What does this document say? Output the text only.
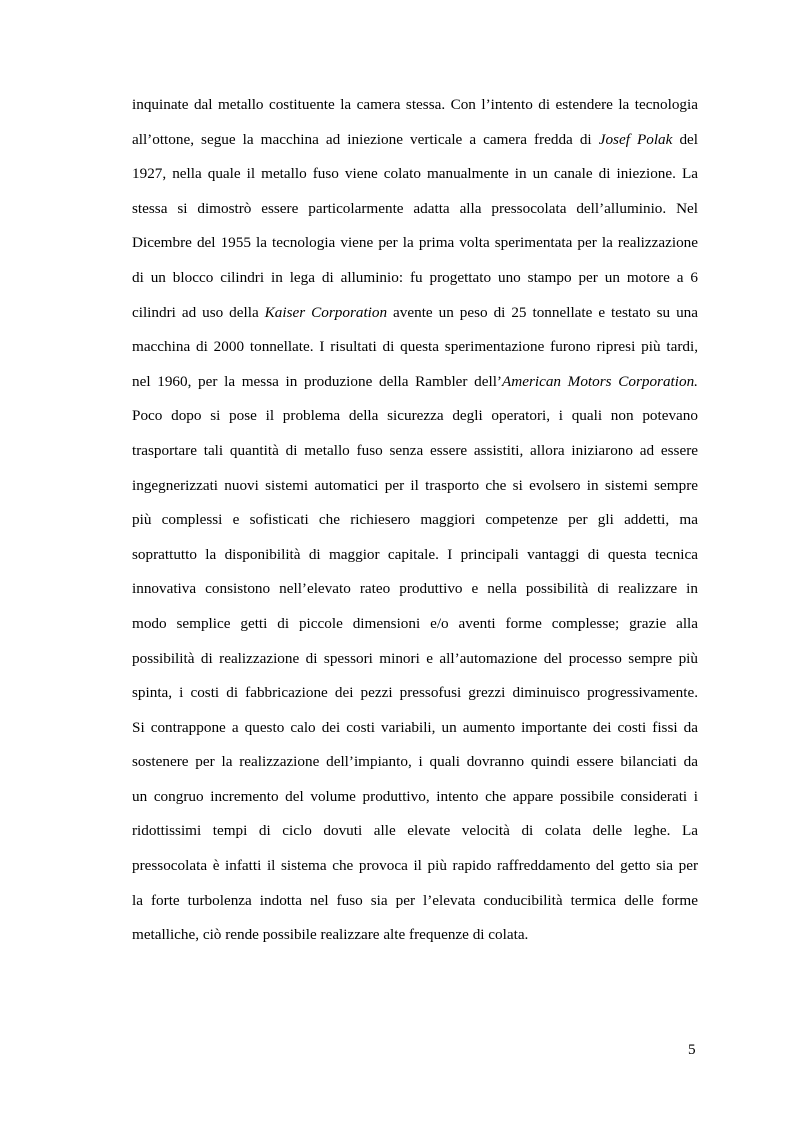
inquinate dal metallo costituente la camera stessa. Con l’intento di estendere la tecnologia
all’ottone, segue la macchina ad iniezione verticale a camera fredda di Josef Polak del
1927, nella quale il metallo fuso viene colato manualmente in un canale di iniezione. La
stessa si dimostrò essere particolarmente adatta alla pressocolata dell’alluminio. Nel
Dicembre del 1955 la tecnologia viene per la prima volta sperimentata per la realizzazione
di un blocco cilindri in lega di alluminio: fu progettato uno stampo per un motore a 6
cilindri ad uso della Kaiser Corporation avente un peso di 25 tonnellate e testato su una
macchina di 2000 tonnellate. I risultati di questa sperimentazione furono ripresi più tardi,
nel 1960, per la messa in produzione della Rambler dell’American Motors Corporation.
Poco dopo si pose il problema della sicurezza degli operatori, i quali non potevano
trasportare tali quantità di metallo fuso senza essere assistiti, allora iniziarono ad essere
ingegnerizzati nuovi sistemi automatici per il trasporto che si evolsero in sistemi sempre
più complessi e sofisticati che richiesero maggiori competenze per gli addetti, ma
soprattutto la disponibilità di maggior capitale. I principali vantaggi di questa tecnica
innovativa consistono nell’elevato rateo produttivo e nella possibilità di realizzare in
modo semplice getti di piccole dimensioni e/o aventi forme complesse; grazie alla
possibilità di realizzazione di spessori minori e all’automazione del processo sempre più
spinta, i costi di fabbricazione dei pezzi pressofusi grezzi diminuisco progressivamente.
Si contrappone a questo calo dei costi variabili, un aumento importante dei costi fissi da
sostenere per la realizzazione dell’impianto, i quali dovranno quindi essere bilanciati da
un congruo incremento del volume produttivo, intento che appare possibile considerati i
ridottissimi tempi di ciclo dovuti alle elevate velocità di colata delle leghe. La
pressocolata è infatti il sistema che provoca il più rapido raffreddamento del getto sia per
la forte turbolenza indotta nel fuso sia per l’elevata conducibilità termica delle forme
metalliche, ciò rende possibile realizzare alte frequenze di colata.
5
